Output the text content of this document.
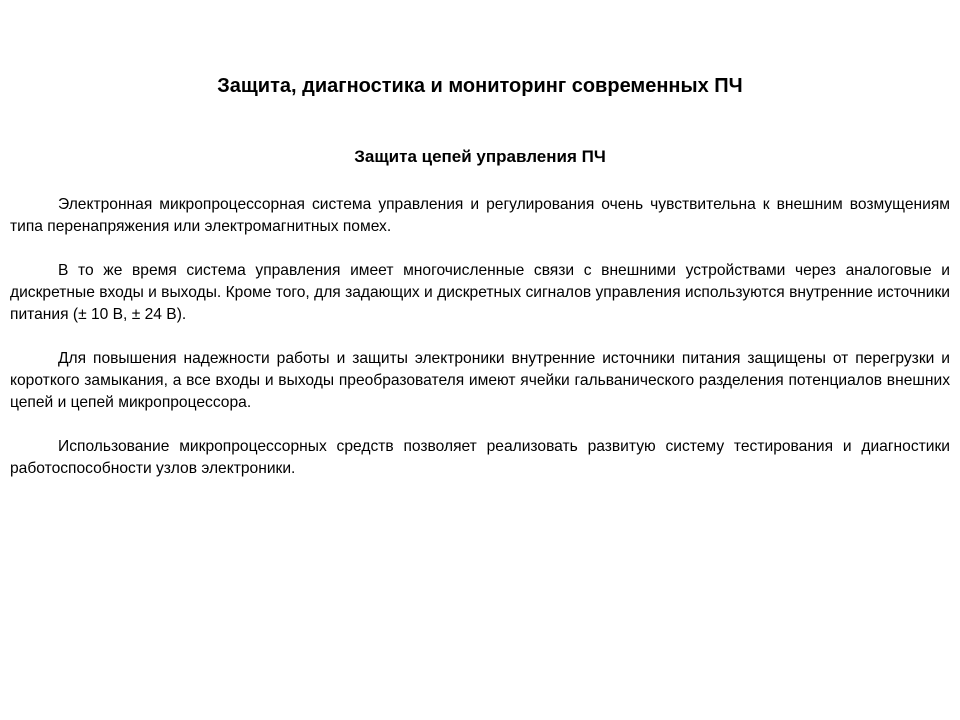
Защита, диагностика и мониторинг современных ПЧ
Защита цепей управления ПЧ

Электронная микропроцессорная система управления и регулирования очень чувствительна к внешним возмущениям типа перенапряжения или электромагнитных помех.

В то же время система управления имеет многочисленные связи с внешними устройствами через аналоговые и дискретные входы и выходы. Кроме того, для задающих и дискретных сигналов управления используются внутренние источники питания (± 10 В, ± 24 В).

Для повышения надежности работы и защиты электроники внутренние источники питания защищены от перегрузки и короткого замыкания, а все входы и выходы преобразователя имеют ячейки гальванического разделения потенциалов внешних цепей и цепей микропроцессора.

Использование микропроцессорных средств позволяет реализовать развитую систему тестирования и диагностики работоспособности узлов электроники.
